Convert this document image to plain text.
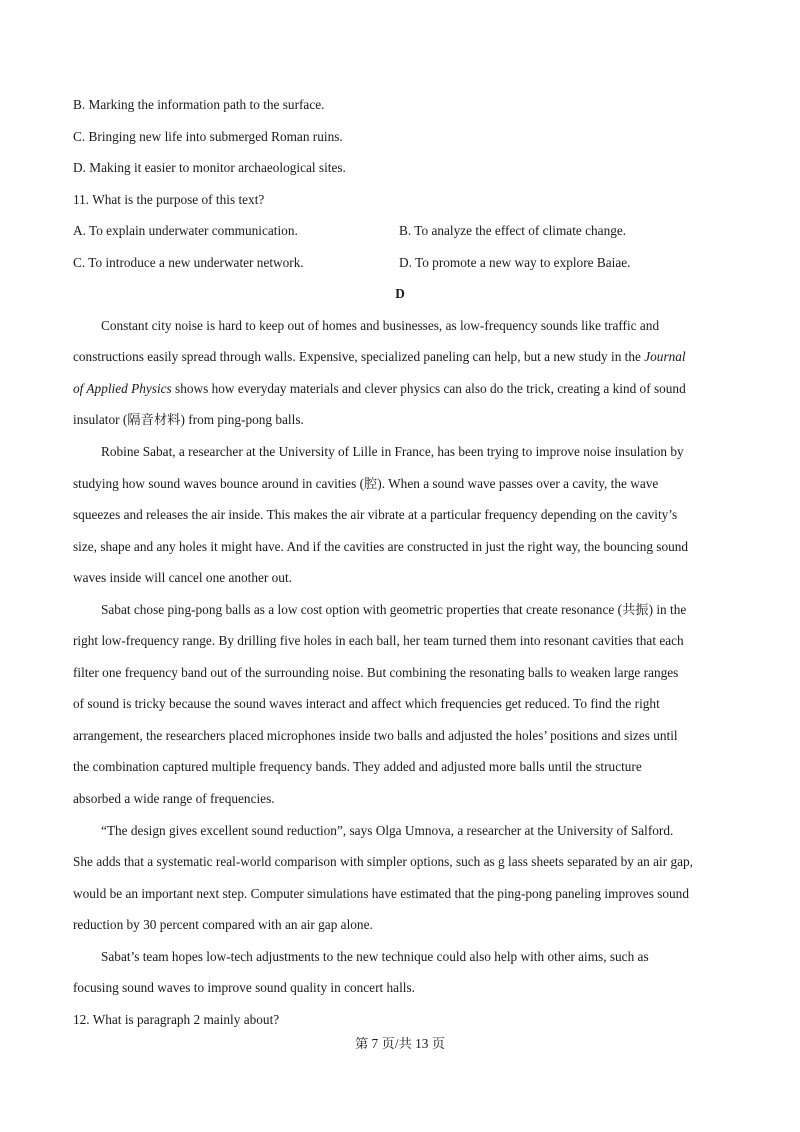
B. Marking the information path to the surface.
C. Bringing new life into submerged Roman ruins.
D. Making it easier to monitor archaeological sites.
11. What is the purpose of this text?
A. To explain underwater communication.	B. To analyze the effect of climate change.
C. To introduce a new underwater network.	D. To promote a new way to explore Baiae.
D
Constant city noise is hard to keep out of homes and businesses, as low-frequency sounds like traffic and
constructions easily spread through walls. Expensive, specialized paneling can help, but a new study in the Journal
of Applied Physics shows how everyday materials and clever physics can also do the trick, creating a kind of sound
insulator (隔音材料) from ping-pong balls.
Robine Sabat, a researcher at the University of Lille in France, has been trying to improve noise insulation by
studying how sound waves bounce around in cavities (腔). When a sound wave passes over a cavity, the wave
squeezes and releases the air inside. This makes the air vibrate at a particular frequency depending on the cavity’s
size, shape and any holes it might have. And if the cavities are constructed in just the right way, the bouncing sound
waves inside will cancel one another out.
Sabat chose ping-pong balls as a low cost option with geometric properties that create resonance (共振) in the
right low-frequency range. By drilling five holes in each ball, her team turned them into resonant cavities that each
filter one frequency band out of the surrounding noise. But combining the resonating balls to weaken large ranges
of sound is tricky because the sound waves interact and affect which frequencies get reduced. To find the right
arrangement, the researchers placed microphones inside two balls and adjusted the holes’ positions and sizes until
the combination captured multiple frequency bands. They added and adjusted more balls until the structure
absorbed a wide range of frequencies.
“The design gives excellent sound reduction”, says Olga Umnova, a researcher at the University of Salford.
She adds that a systematic real-world comparison with simpler options, such as g lass sheets separated by an air gap,
would be an important next step. Computer simulations have estimated that the ping-pong paneling improves sound
reduction by 30 percent compared with an air gap alone.
Sabat’s team hopes low-tech adjustments to the new technique could also help with other aims, such as
focusing sound waves to improve sound quality in concert halls.
12. What is paragraph 2 mainly about?
第 7 页/共 13 页
